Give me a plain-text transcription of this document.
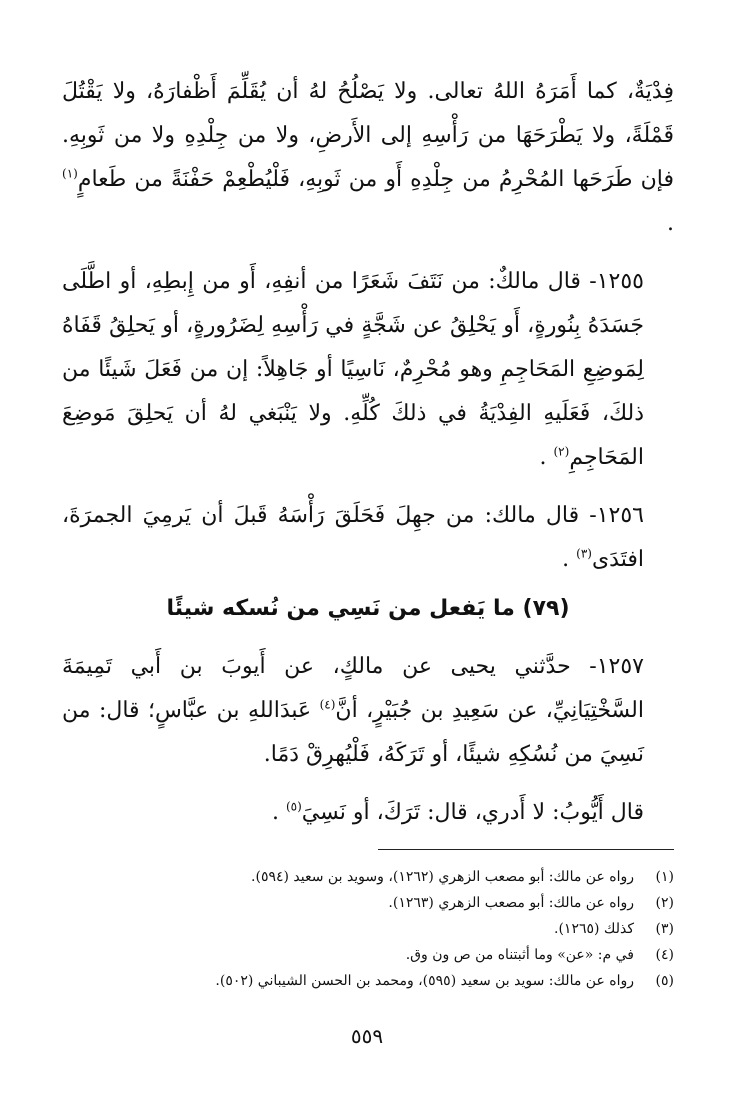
فِدْيَةٌ، كما أَمَرَهُ اللهُ تعالى. ولا يَصْلُحُ لهُ أن يُقَلِّمَ أَظْفارَهُ، ولا يَقْتُلَ قَمْلَةً، ولا يَطْرَحَهَا من رَأْسِهِ إلى الأَرضِ، ولا من جِلْدِهِ ولا من ثَوبِهِ. فإن طَرَحَها المُحْرِمُ من جِلْدِهِ أَو من ثَوبِهِ، فَلْيُطْعِمْ حَفْنَةً من طَعامٍ$^{(١)}$ .

١٢٥٥- قال مالكٌ: من نَتَفَ شَعَرًا من أنفِهِ، أَو من إِبطِهِ، أو اطَّلَى جَسَدَهُ بِنُورةٍ، أَو يَحْلِقُ عن شَجَّةٍ في رَأْسِهِ لِضَرُورةٍ، أو يَحلِقُ قَفَاهُ لِمَوضِعِ المَحَاجِمِ وهو مُحْرِمٌ، نَاسِيًا أو جَاهِلاً: إن من فَعَلَ شَيئًا من ذلكَ، فَعَلَيهِ الفِدْيَةُ في ذلكَ كُلِّهِ. ولا يَنْبَغي لهُ أن يَحلِقَ مَوضِعَ المَحَاجِمِ$^{(٢)}$ .

١٢٥٦- قال مالك: من جهِلَ فَحَلَقَ رَأْسَهُ قَبلَ أن يَرمِيَ الجمرَةَ، افتَدَى$^{(٣)}$ .

(٧٩) ما يَفعل من نَسِي من نُسكه شيئًا

١٢٥٧- حدَّثني يحيى عن مالكٍ، عن أَيوبَ بن أَبي تَمِيمَةَ السَّخْتِيَانِيِّ، عن سَعِيدِ بن جُبَيْرٍ، أنَّ$^{(٤)}$ عَبدَاللهِ بن عبَّاسٍ؛ قال: من نَسِيَ من نُسُكِهِ شيئًا، أو تَرَكَهُ، فَلْيُهرِقْ دَمًا.

قال أَيُّوبُ: لا أَدري، قال: تَرَكَ، أو نَسِيَ$^{(٥)}$ .

(١)
رواه عن مالك: أبو مصعب الزهري (١٢٦٢)، وسويد بن سعيد (٥٩٤).
(٢)
رواه عن مالك: أبو مصعب الزهري (١٢٦٣).
(٣)
كذلك (١٢٦٥).
(٤)
في م: «عن» وما أثبتناه من ص ون وق.
(٥)
رواه عن مالك: سويد بن سعيد (٥٩٥)، ومحمد بن الحسن الشيباني (٥٠٢).
٥٥٩
